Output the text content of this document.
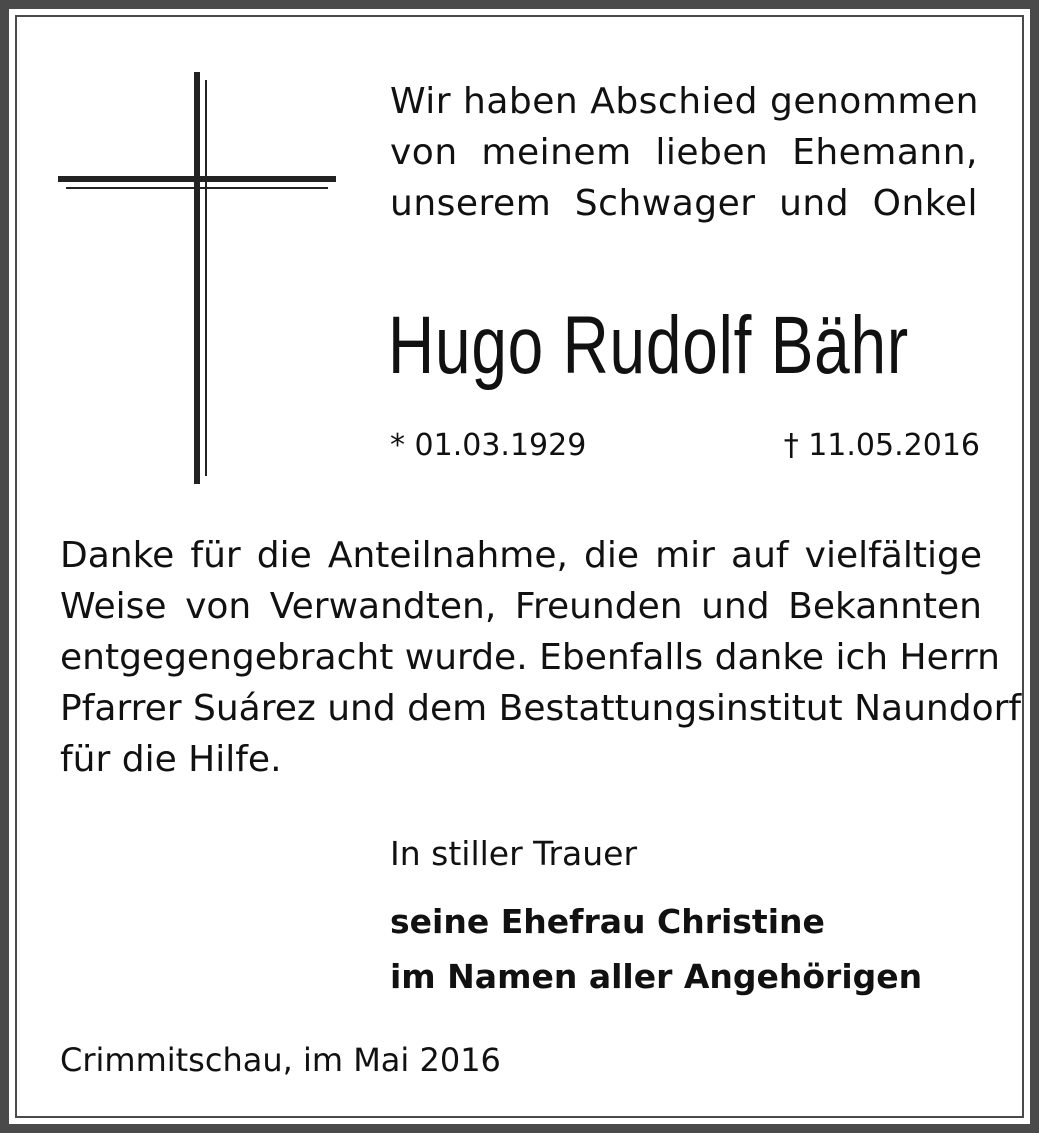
Wir haben Abschied genommen
von meinem lieben Ehemann,
unserem Schwager und Onkel
Hugo Rudolf Bähr
* 01.03.1929	† 11.05.2016
Danke für die Anteilnahme, die mir auf vielfältige
Weise von Verwandten, Freunden und Bekannten
entgegengebracht wurde. Ebenfalls danke ich Herrn
Pfarrer Suárez und dem Bestattungsinstitut Naundorf
für die Hilfe.
In stiller Trauer
seine Ehefrau Christine
im Namen aller Angehörigen
Crimmitschau, im Mai 2016
